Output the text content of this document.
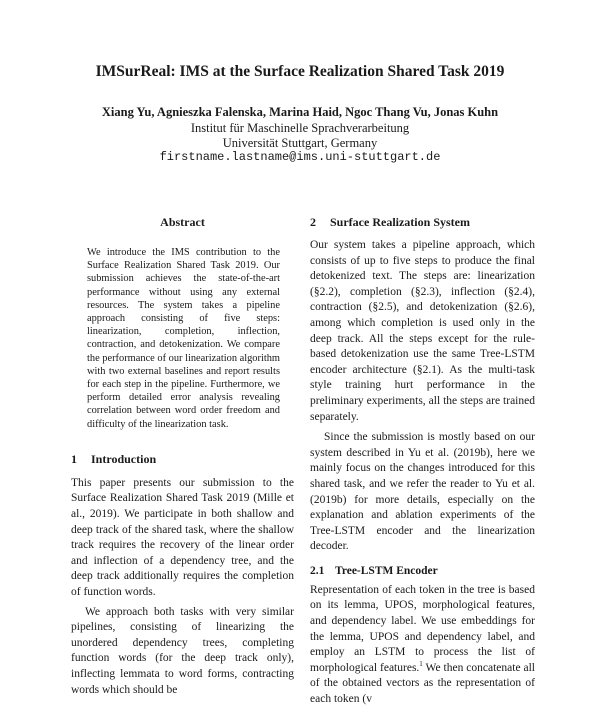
IMSurReal: IMS at the Surface Realization Shared Task 2019
Xiang Yu, Agnieszka Falenska, Marina Haid, Ngoc Thang Vu, Jonas Kuhn
Institut für Maschinelle Sprachverarbeitung
Universität Stuttgart, Germany
firstname.lastname@ims.uni-stuttgart.de
Abstract

We introduce the IMS contribution to the Surface Realization Shared Task 2019. Our submission achieves the state-of-the-art performance without using any external resources. The system takes a pipeline approach consisting of five steps: linearization, completion, inflection, contraction, and detokenization. We compare the performance of our linearization algorithm with two external baselines and report results for each step in the pipeline. Furthermore, we perform detailed error analysis revealing correlation between word order freedom and difficulty of the linearization task.

1 Introduction

This paper presents our submission to the Surface Realization Shared Task 2019 (Mille et al., 2019). We participate in both shallow and deep track of the shared task, where the shallow track requires the recovery of the linear order and inflection of a dependency tree, and the deep track additionally requires the completion of function words.

We approach both tasks with very similar pipelines, consisting of linearizing the unordered dependency trees, completing function words (for the deep track only), inflecting lemmata to word forms, contracting words which should be

2 Surface Realization System

Our system takes a pipeline approach, which consists of up to five steps to produce the final detokenized text. The steps are: linearization (§2.2), completion (§2.3), inflection (§2.4), contraction (§2.5), and detokenization (§2.6), among which completion is used only in the deep track. All the steps except for the rule-based detokenization use the same Tree-LSTM encoder architecture (§2.1). As the multi-task style training hurt performance in the preliminary experiments, all the steps are trained separately.

Since the submission is mostly based on our system described in Yu et al. (2019b), here we mainly focus on the changes introduced for this shared task, and we refer the reader to Yu et al. (2019b) for more details, especially on the explanation and ablation experiments of the Tree-LSTM encoder and the linearization decoder.

2.1 Tree-LSTM Encoder

Representation of each token in the tree is based on its lemma, UPOS, morphological features, and dependency label. We use embeddings for the lemma, UPOS and dependency label, and employ an LSTM to process the list of morphological features.$^1$ We then concatenate all of the obtained vectors as the representation of each token (v
